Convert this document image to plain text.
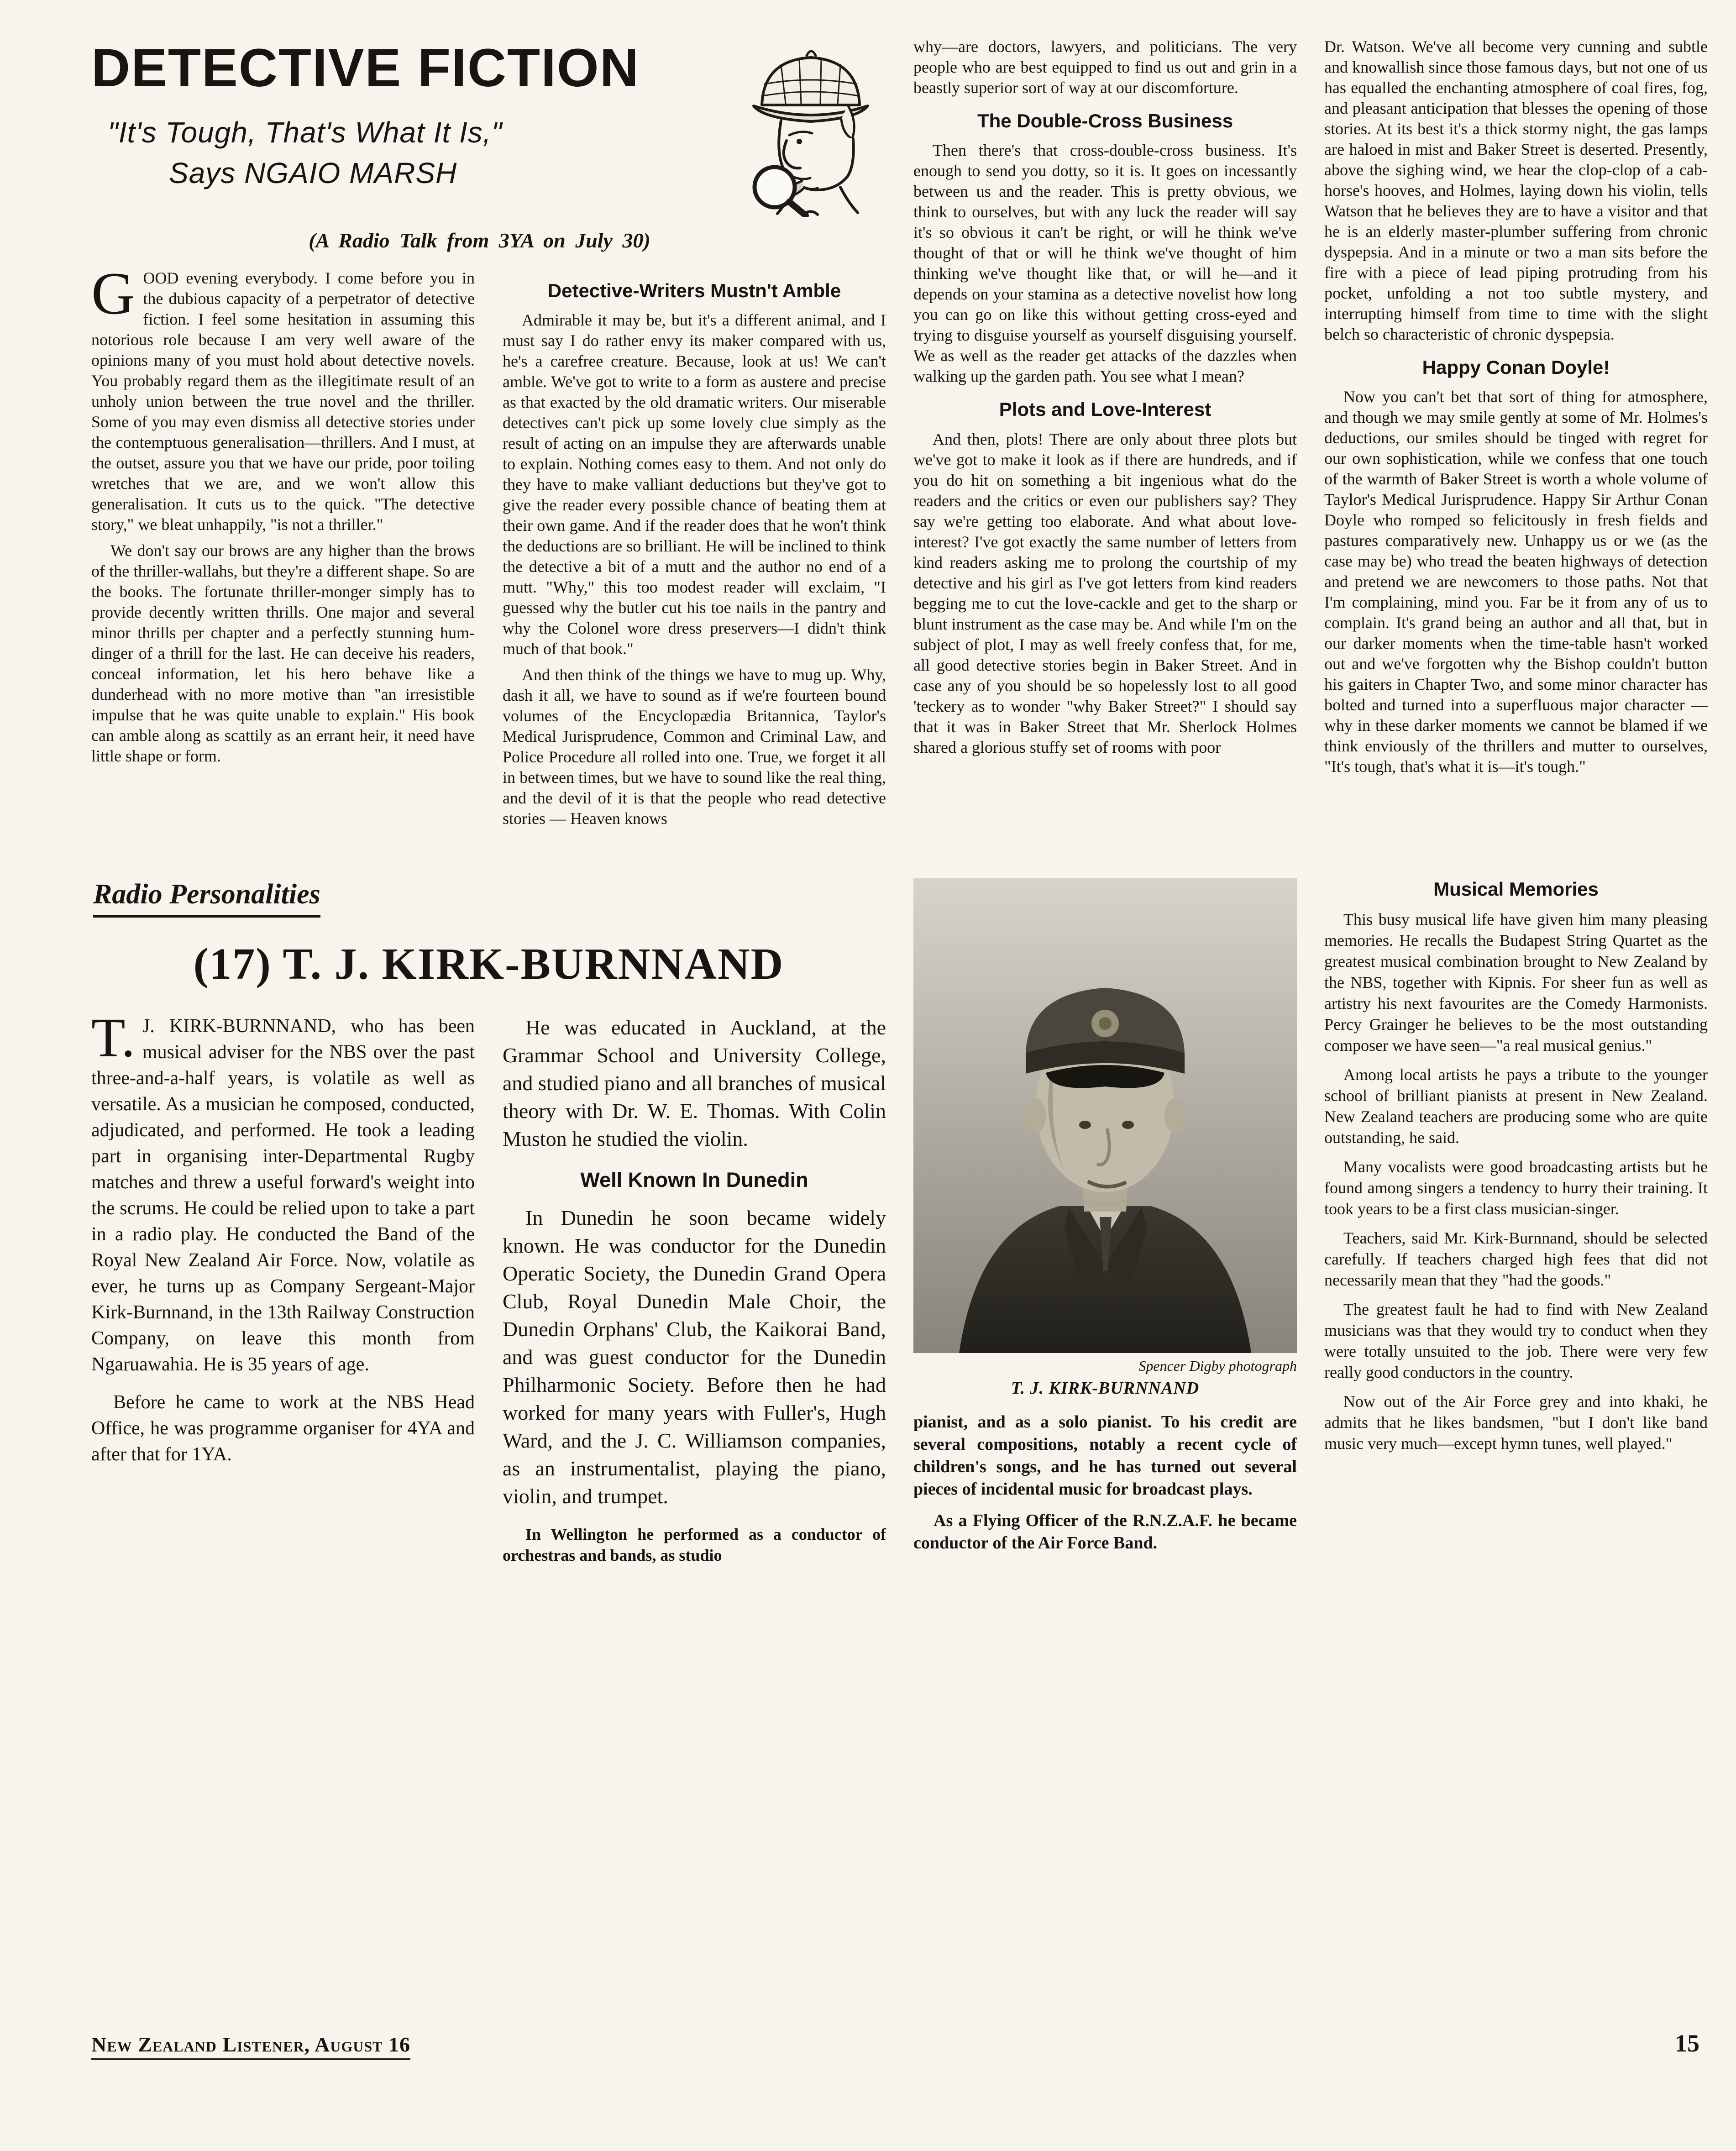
DETECTIVE FICTION

"It's Tough, That's What It Is,"

Says NGAIO MARSH

(A Radio Talk from 3YA on July 30)

GOOD evening everybody. I come before you in the dubious capacity of a perpetrator of detective fiction. I feel some hesitation in assuming this notorious role because I am very well aware of the opinions many of you must hold about detective novels. You probably regard them as the illegitimate result of an unholy union between the true novel and the thriller. Some of you may even dismiss all detective stories under the contemptuous generalisation—thrillers. And I must, at the outset, assure you that we have our pride, poor toiling wretches that we are, and we won't allow this generalisation. It cuts us to the quick. "The detective story," we bleat unhappily, "is not a thriller."

We don't say our brows are any higher than the brows of the thriller-wallahs, but they're a different shape. So are the books. The fortunate thriller-monger simply has to provide decently written thrills. One major and several minor thrills per chapter and a perfectly stunning hum-dinger of a thrill for the last. He can deceive his readers, conceal information, let his hero behave like a dunderhead with no more motive than "an irresistible impulse that he was quite unable to explain." His book can amble along as scattily as an errant heir, it need have little shape or form.

Detective-Writers Mustn't Amble

Admirable it may be, but it's a different animal, and I must say I do rather envy its maker compared with us, he's a carefree creature. Because, look at us! We can't amble. We've got to write to a form as austere and precise as that exacted by the old dramatic writers. Our miserable detectives can't pick up some lovely clue simply as the result of acting on an impulse they are afterwards unable to explain. Nothing comes easy to them. And not only do they have to make valliant deductions but they've got to give the reader every possible chance of beating them at their own game. And if the reader does that he won't think the deductions are so brilliant. He will be inclined to think the detective a bit of a mutt and the author no end of a mutt. "Why," this too modest reader will exclaim, "I guessed why the butler cut his toe nails in the pantry and why the Colonel wore dress preservers—I didn't think much of that book."

And then think of the things we have to mug up. Why, dash it all, we have to sound as if we're fourteen bound volumes of the Encyclopædia Britannica, Taylor's Medical Jurisprudence, Common and Criminal Law, and Police Procedure all rolled into one. True, we forget it all in between times, but we have to sound like the real thing, and the devil of it is that the people who read detective stories — Heaven knows

why—are doctors, lawyers, and politicians. The very people who are best equipped to find us out and grin in a beastly superior sort of way at our discomforture.

The Double-Cross Business

Then there's that cross-double-cross business. It's enough to send you dotty, so it is. It goes on incessantly between us and the reader. This is pretty obvious, we think to ourselves, but with any luck the reader will say it's so obvious it can't be right, or will he think we've thought of that or will he think we've thought of him thinking we've thought like that, or will he—and it depends on your stamina as a detective novelist how long you can go on like this without getting cross-eyed and trying to disguise yourself as yourself disguising yourself. We as well as the reader get attacks of the dazzles when walking up the garden path. You see what I mean?

Plots and Love-Interest

And then, plots! There are only about three plots but we've got to make it look as if there are hundreds, and if you do hit on something a bit ingenious what do the readers and the critics or even our publishers say? They say we're getting too elaborate. And what about love-interest? I've got exactly the same number of letters from kind readers asking me to prolong the courtship of my detective and his girl as I've got letters from kind readers begging me to cut the love-cackle and get to the sharp or blunt instrument as the case may be. And while I'm on the subject of plot, I may as well freely confess that, for me, all good detective stories begin in Baker Street. And in case any of you should be so hopelessly lost to all good 'teckery as to wonder "why Baker Street?" I should say that it was in Baker Street that Mr. Sherlock Holmes shared a glorious stuffy set of rooms with poor

Dr. Watson. We've all become very cunning and subtle and knowallish since those famous days, but not one of us has equalled the enchanting atmosphere of coal fires, fog, and pleasant anticipation that blesses the opening of those stories. At its best it's a thick stormy night, the gas lamps are haloed in mist and Baker Street is deserted. Presently, above the sighing wind, we hear the clop-clop of a cab-horse's hooves, and Holmes, laying down his violin, tells Watson that he believes they are to have a visitor and that he is an elderly master-plumber suffering from chronic dyspepsia. And in a minute or two a man sits before the fire with a piece of lead piping protruding from his pocket, unfolding a not too subtle mystery, and interrupting himself from time to time with the slight belch so characteristic of chronic dyspepsia.

Happy Conan Doyle!

Now you can't bet that sort of thing for atmosphere, and though we may smile gently at some of Mr. Holmes's deductions, our smiles should be tinged with regret for our own sophistication, while we confess that one touch of the warmth of Baker Street is worth a whole volume of Taylor's Medical Jurisprudence. Happy Sir Arthur Conan Doyle who romped so felicitously in fresh fields and pastures comparatively new. Unhappy us or we (as the case may be) who tread the beaten highways of detection and pretend we are newcomers to those paths. Not that I'm complaining, mind you. Far be it from any of us to complain. It's grand being an author and all that, but in our darker moments when the time-table hasn't worked out and we've forgotten why the Bishop couldn't button his gaiters in Chapter Two, and some minor character has bolted and turned into a superfluous major character —why in these darker moments we cannot be blamed if we think enviously of the thrillers and mutter to ourselves, "It's tough, that's what it is—it's tough."

Radio Personalities
(17) T. J. KIRK-BURNNAND

T. J. KIRK-BURNNAND, who has been musical adviser for the NBS over the past three-and-a-half years, is volatile as well as versatile. As a musician he composed, conducted, adjudicated, and performed. He took a leading part in organising inter-Departmental Rugby matches and threw a useful forward's weight into the scrums. He could be relied upon to take a part in a radio play. He conducted the Band of the Royal New Zealand Air Force. Now, volatile as ever, he turns up as Company Sergeant-Major Kirk-Burnnand, in the 13th Railway Construction Company, on leave this month from Ngaruawahia. He is 35 years of age.

Before he came to work at the NBS Head Office, he was programme organiser for 4YA and after that for 1YA.

He was educated in Auckland, at the Grammar School and University College, and studied piano and all branches of musical theory with Dr. W. E. Thomas. With Colin Muston he studied the violin.

Well Known In Dunedin

In Dunedin he soon became widely known. He was conductor for the Dunedin Operatic Society, the Dunedin Grand Opera Club, Royal Dunedin Male Choir, the Dunedin Orphans' Club, the Kaikorai Band, and was guest conductor for the Dunedin Philharmonic Society. Before then he had worked for many years with Fuller's, Hugh Ward, and the J. C. Williamson companies, as an instrumentalist, playing the piano, violin, and trumpet.

In Wellington he performed as a conductor of orchestras and bands, as studio

Spencer Digby photograph
T. J. KIRK-BURNNAND

pianist, and as a solo pianist. To his credit are several compositions, notably a recent cycle of children's songs, and he has turned out several pieces of incidental music for broadcast plays.

As a Flying Officer of the R.N.Z.A.F. he became conductor of the Air Force Band.

Musical Memories

This busy musical life have given him many pleasing memories. He recalls the Budapest String Quartet as the greatest musical combination brought to New Zealand by the NBS, together with Kipnis. For sheer fun as well as artistry his next favourites are the Comedy Harmonists. Percy Grainger he believes to be the most outstanding composer we have seen—"a real musical genius."

Among local artists he pays a tribute to the younger school of brilliant pianists at present in New Zealand. New Zealand teachers are producing some who are quite outstanding, he said.

Many vocalists were good broadcasting artists but he found among singers a tendency to hurry their training. It took years to be a first class musician-singer.

Teachers, said Mr. Kirk-Burnnand, should be selected carefully. If teachers charged high fees that did not necessarily mean that they "had the goods."

The greatest fault he had to find with New Zealand musicians was that they would try to conduct when they were totally unsuited to the job. There were very few really good conductors in the country.

Now out of the Air Force grey and into khaki, he admits that he likes bandsmen, "but I don't like band music very much—except hymn tunes, well played."

New Zealand Listener, August 16	15
